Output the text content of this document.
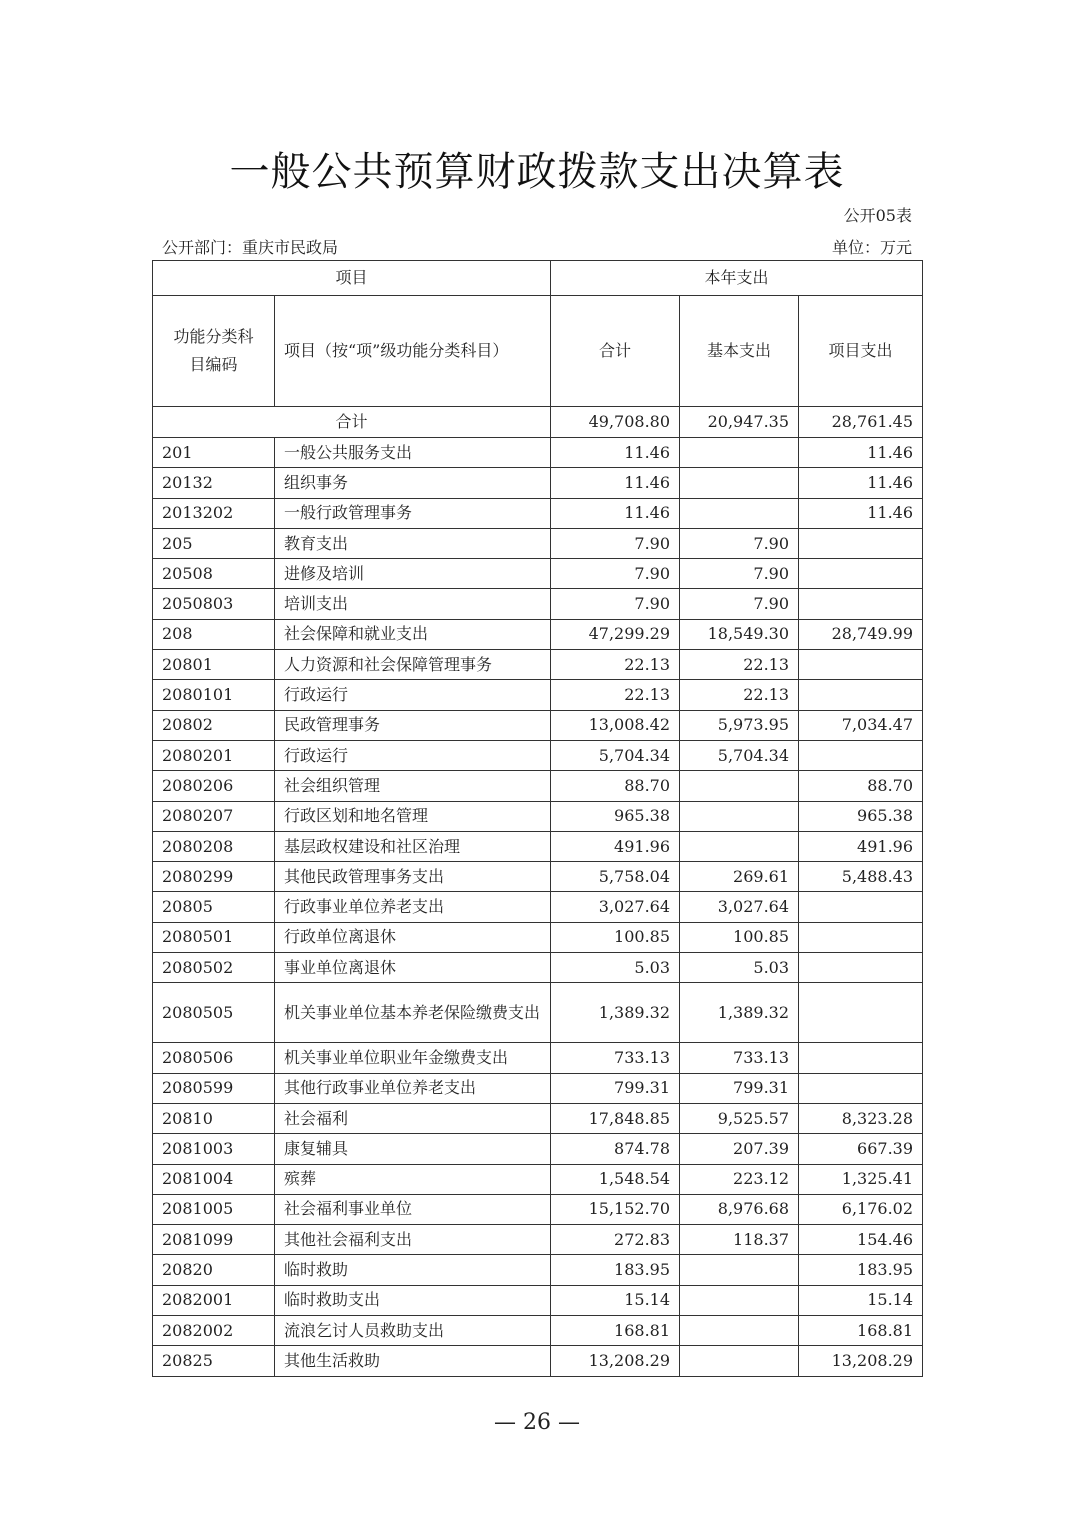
一般公共预算财政拨款支出决算表
公开05表
公开部门：重庆市民政局	单位：万元
项目		本年支出		
功能分类科目编码	项目（按“项”级功能分类科目）	合计	基本支出	项目支出
合计		49,708.80	20,947.35	28,761.45
201	一般公共服务支出	11.46		11.46
20132	组织事务	11.46		11.46
2013202	一般行政管理事务	11.46		11.46
205	教育支出	7.90	7.90	
20508	进修及培训	7.90	7.90	
2050803	培训支出	7.90	7.90	
208	社会保障和就业支出	47,299.29	18,549.30	28,749.99
20801	人力资源和社会保障管理事务	22.13	22.13	
2080101	行政运行	22.13	22.13	
20802	民政管理事务	13,008.42	5,973.95	7,034.47
2080201	行政运行	5,704.34	5,704.34	
2080206	社会组织管理	88.70		88.70
2080207	行政区划和地名管理	965.38		965.38
2080208	基层政权建设和社区治理	491.96		491.96
2080299	其他民政管理事务支出	5,758.04	269.61	5,488.43
20805	行政事业单位养老支出	3,027.64	3,027.64	
2080501	行政单位离退休	100.85	100.85	
2080502	事业单位离退休	5.03	5.03	
2080505	机关事业单位基本养老保险缴费支出	1,389.32	1,389.32	
2080506	机关事业单位职业年金缴费支出	733.13	733.13	
2080599	其他行政事业单位养老支出	799.31	799.31	
20810	社会福利	17,848.85	9,525.57	8,323.28
2081003	康复辅具	874.78	207.39	667.39
2081004	殡葬	1,548.54	223.12	1,325.41
2081005	社会福利事业单位	15,152.70	8,976.68	6,176.02
2081099	其他社会福利支出	272.83	118.37	154.46
20820	临时救助	183.95		183.95
2082001	临时救助支出	15.14		15.14
2082002	流浪乞讨人员救助支出	168.81		168.81
20825	其他生活救助	13,208.29		13,208.29
— 26 —
